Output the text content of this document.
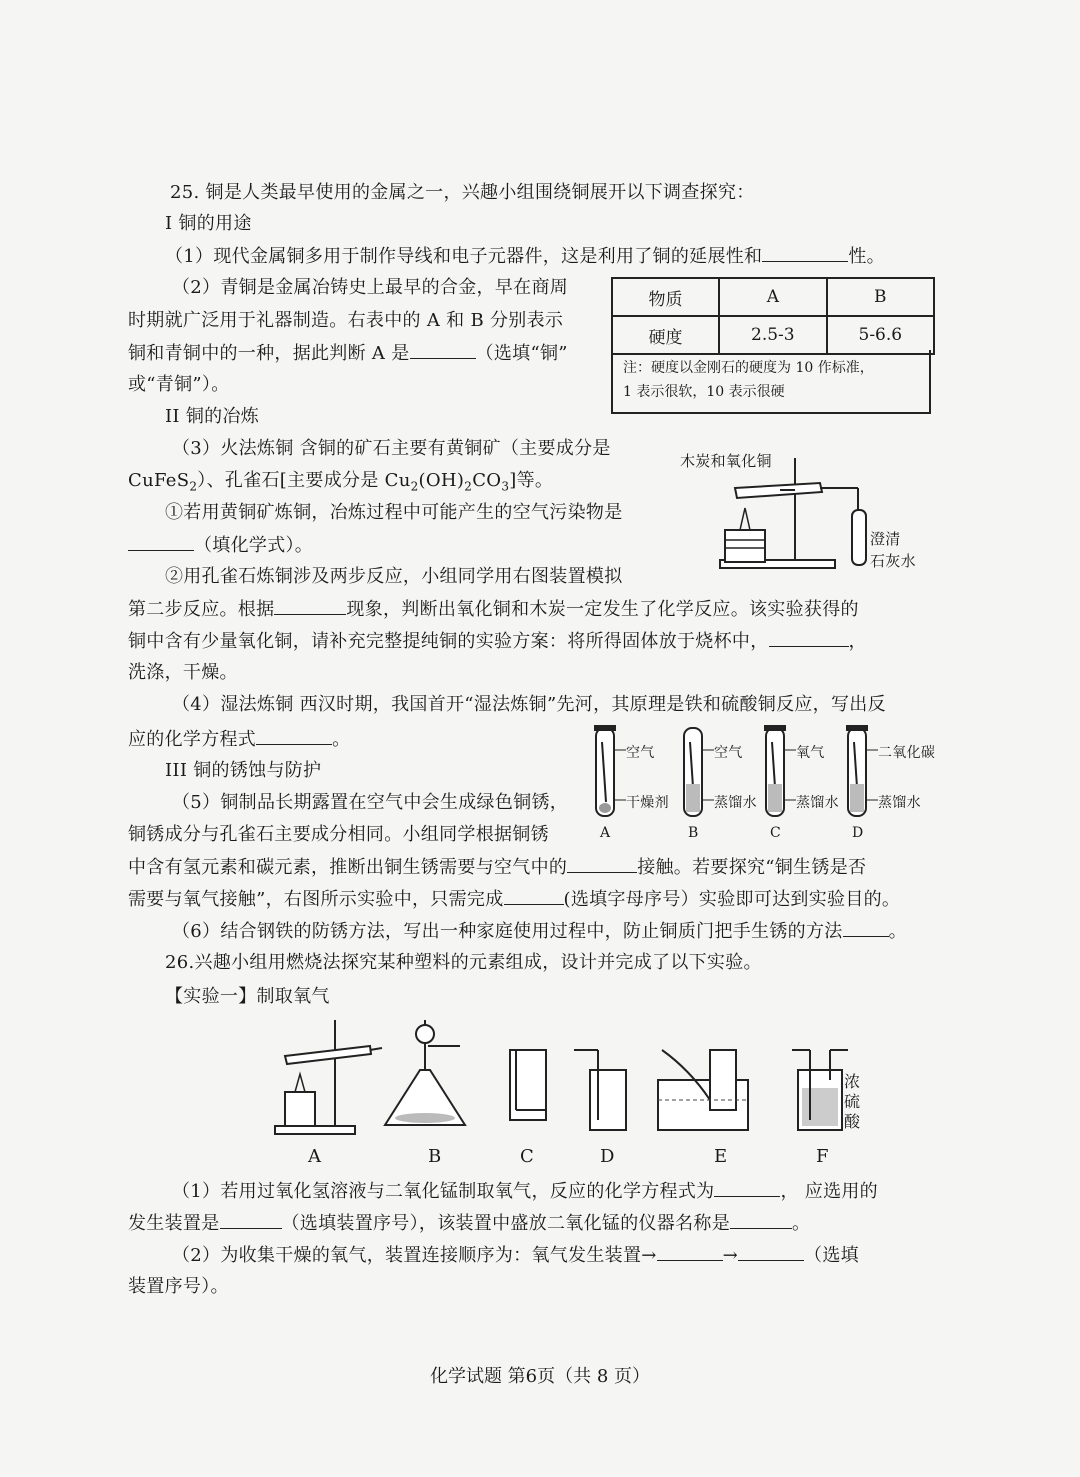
25. 铜是人类最早使用的金属之一，兴趣小组围绕铜展开以下调查探究：
I 铜的用途
（1）现代金属铜多用于制作导线和电子元器件，这是利用了铜的延展性和	性。
（2）青铜是金属冶铸史上最早的合金，早在商周
时期就广泛用于礼器制造。右表中的 A 和 B 分别表示
铜和青铜中的一种，据此判断 A 是	（选填“铜”
或“青铜”）。
物质	A	B
硬度	2.5-3	5-6.6
注：硬度以金刚石的硬度为 10 作标准，
1 表示很软，10 表示很硬
II 铜的冶炼
（3）火法炼铜 含铜的矿石主要有黄铜矿（主要成分是
CuFeS$_2$）、孔雀石[主要成分是 $Cu_2(OH)_2CO_3$]等。
①若用黄铜矿炼铜，冶炼过程中可能产生的空气污染物是
（填化学式）。
②用孔雀石炼铜涉及两步反应，小组同学用右图装置模拟
第二步反应。根据	现象，判断出氧化铜和木炭一定发生了化学反应。该实验获得的
铜中含有少量氧化铜，请补充完整提纯铜的实验方案：将所得固体放于烧杯中，	，
洗涤，干燥。
木炭和氧化铜
澄清
石灰水
（4）湿法炼铜 西汉时期，我国首开“湿法炼铜”先河，其原理是铁和硫酸铜反应，写出反
应的化学方程式	。
III 铜的锈蚀与防护
（5）铜制品长期露置在空气中会生成绿色铜锈，
铜锈成分与孔雀石主要成分相同。小组同学根据铜锈
中含有氢元素和碳元素，推断出铜生锈需要与空气中的	接触。若要探究“铜生锈是否
需要与氧气接触”，右图所示实验中，只需完成	(选填字母序号）实验即可达到实验目的。
（6）结合钢铁的防锈方法，写出一种家庭使用过程中，防止铜质门把手生锈的方法	。
空气
干燥剂
A
空气
蒸馏水
B
氧气
蒸馏水
C
二氧化碳
蒸馏水
D
26.兴趣小组用燃烧法探究某种塑料的元素组成，设计并完成了以下实验。
【实验一】制取氧气
A	B	C	D	E	F
浓硫酸
（1）若用过氧化氢溶液与二氧化锰制取氧气，反应的化学方程式为	， 应选用的
发生装置是	（选填装置序号），该装置中盛放二氧化锰的仪器名称是	。
（2）为收集干燥的氧气，装置连接顺序为：氧气发生装置→	→	（选填
装置序号）。
化学试题 第6页（共 8 页）
